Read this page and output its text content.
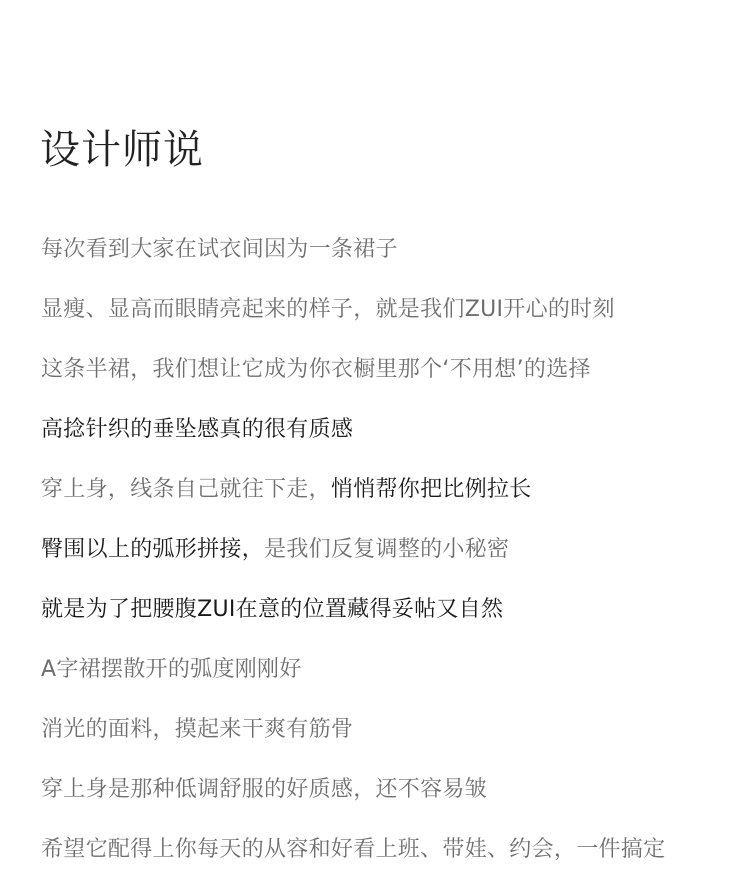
设计师说
每次看到大家在试衣间因为一条裙子
显瘦、显高而眼睛亮起来的样子，就是我们ZUI开心的时刻
这条半裙，我们想让它成为你衣橱里那个‘不用想’的选择
高捻针织的垂坠感真的很有质感
穿上身，线条自己就往下走，悄悄帮你把比例拉长
臀围以上的弧形拼接，是我们反复调整的小秘密
就是为了把腰腹ZUI在意的位置藏得妥帖又自然
A字裙摆散开的弧度刚刚好
消光的面料，摸起来干爽有筋骨
穿上身是那种低调舒服的好质感，还不容易皱
希望它配得上你每天的从容和好看上班、带娃、约会，一件搞定
